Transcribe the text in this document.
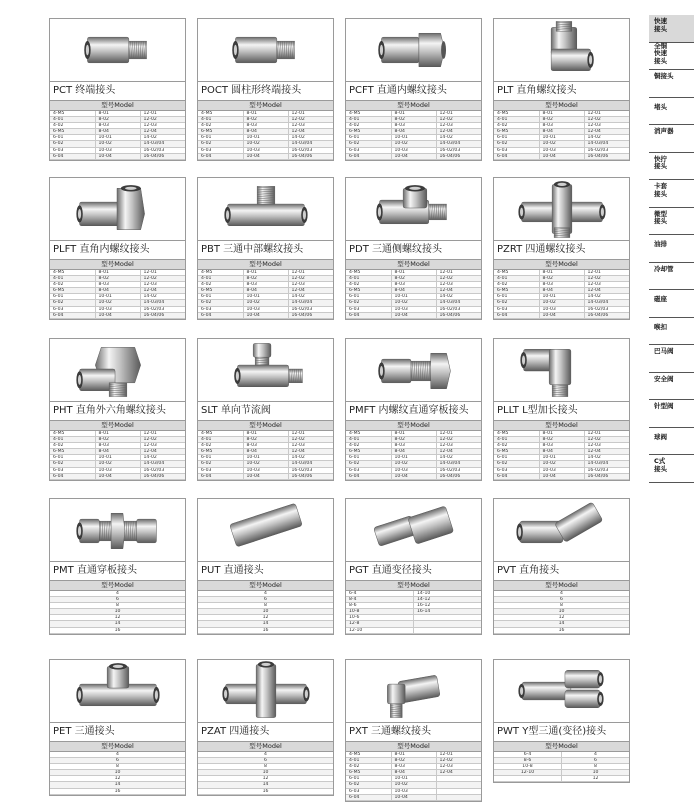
PCT 终端接头
型号Model
4-M5	8-01	12-01
4-01	8-02	12-02
4-02	8-03	12-03
6-M5	8-04	12-04
6-01	10-01	14-02
6-02	10-02	14-03/04
6-03	10-03	16-02/03
6-04	10-04	16-04/06
POCT 圆柱形终端接头
型号Model
4-M5	8-01	12-01
4-01	8-02	12-02
4-02	8-03	12-03
6-M5	8-04	12-04
6-01	10-01	14-02
6-02	10-02	14-03/04
6-03	10-03	16-02/03
6-04	10-04	16-04/06
PCFT 直通内螺纹接头
型号Model
4-M5	8-01	12-01
4-01	8-02	12-02
4-02	8-03	12-03
6-M5	8-04	12-04
6-01	10-01	14-02
6-02	10-02	14-03/04
6-03	10-03	16-02/03
6-04	10-04	16-04/06
PLT 直角螺纹接头
型号Model
4-M5	8-01	12-01
4-01	8-02	12-02
4-02	8-03	12-03
6-M5	8-04	12-04
6-01	10-01	14-02
6-02	10-02	14-03/04
6-03	10-03	16-02/03
6-04	10-04	16-04/06
PLFT 直角内螺纹接头
型号Model
4-M5	8-01	12-01
4-01	8-02	12-02
4-02	8-03	12-03
6-M5	8-04	12-04
6-01	10-01	14-02
6-02	10-02	14-03/04
6-03	10-03	16-02/03
6-04	10-04	16-04/06
PBT 三通中部螺纹接头
型号Model
4-M5	8-01	12-01
4-01	8-02	12-02
4-02	8-03	12-03
6-M5	8-04	12-04
6-01	10-01	14-02
6-02	10-02	14-03/04
6-03	10-03	16-02/03
6-04	10-04	16-04/06
PDT 三通侧螺纹接头
型号Model
4-M5	8-01	12-01
4-01	8-02	12-02
4-02	8-03	12-03
6-M5	8-04	12-04
6-01	10-01	14-02
6-02	10-02	14-03/04
6-03	10-03	16-02/03
6-04	10-04	16-04/06
PZRT 四通螺纹接头
型号Model
4-M5	8-01	12-01
4-01	8-02	12-02
4-02	8-03	12-03
6-M5	8-04	12-04
6-01	10-01	14-02
6-02	10-02	14-03/04
6-03	10-03	16-02/03
6-04	10-04	16-04/06
PHT 直角外六角螺纹接头
型号Model
4-M5	8-01	12-01
4-01	8-02	12-02
4-02	8-03	12-03
6-M5	8-04	12-04
6-01	10-01	14-02
6-02	10-02	14-03/04
6-03	10-03	16-02/03
6-04	10-04	16-04/06
SLT 单向节流阀
型号Model
4-M5	8-01	12-01
4-01	8-02	12-02
4-02	8-03	12-03
6-M5	8-04	12-04
6-01	10-01	14-02
6-02	10-02	14-03/04
6-03	10-03	16-02/03
6-04	10-04	16-04/06
PMFT 内螺纹直通穿板接头
型号Model
4-M5	8-01	12-01
4-01	8-02	12-02
4-02	8-03	12-03
6-M5	8-04	12-04
6-01	10-01	14-02
6-02	10-02	14-03/04
6-03	10-03	16-02/03
6-04	10-04	16-04/06
PLLT L型加长接头
型号Model
4-M5	8-01	12-01
4-01	8-02	12-02
4-02	8-03	12-03
6-M5	8-04	12-04
6-01	10-01	14-02
6-02	10-02	14-03/04
6-03	10-03	16-02/03
6-04	10-04	16-04/06
PMT 直通穿板接头
型号Model
4
6
8
10
12
14
16
PUT 直通接头
型号Model
4
6
8
10
12
14
16
PGT 直通变径接头
型号Model
6-4	14-10
8-4	14-12
8-6	16-12
10-8	16-14
10-6	
12-8	
12-10	
PVT 直角接头
型号Model
4
6
8
10
12
14
16
PET 三通接头
型号Model
4
6
8
10
12
14
16
PZAT 四通接头
型号Model
4
6
8
10
12
14
16
PXT 三通螺纹接头
型号Model
4-M5	8-01	12-01
4-01	8-02	12-02
4-02	8-03	12-03
6-M5	8-04	12-04
6-01	10-01	
6-02	10-02	
6-03	10-03	
6-04	10-04	
PWT Y型三通(变径)接头
型号Model
6-4	4
8-6	6
10-8	8
12-10	10
	12
快速
接头
全铜
快速
接头
铜接头
堵头
消声器
快拧
接头
卡套
接头
微型
接头
油排
冷却管
磁座
喉扣
巴马阀
安全阀
针型阀
球阀
C式
接头
